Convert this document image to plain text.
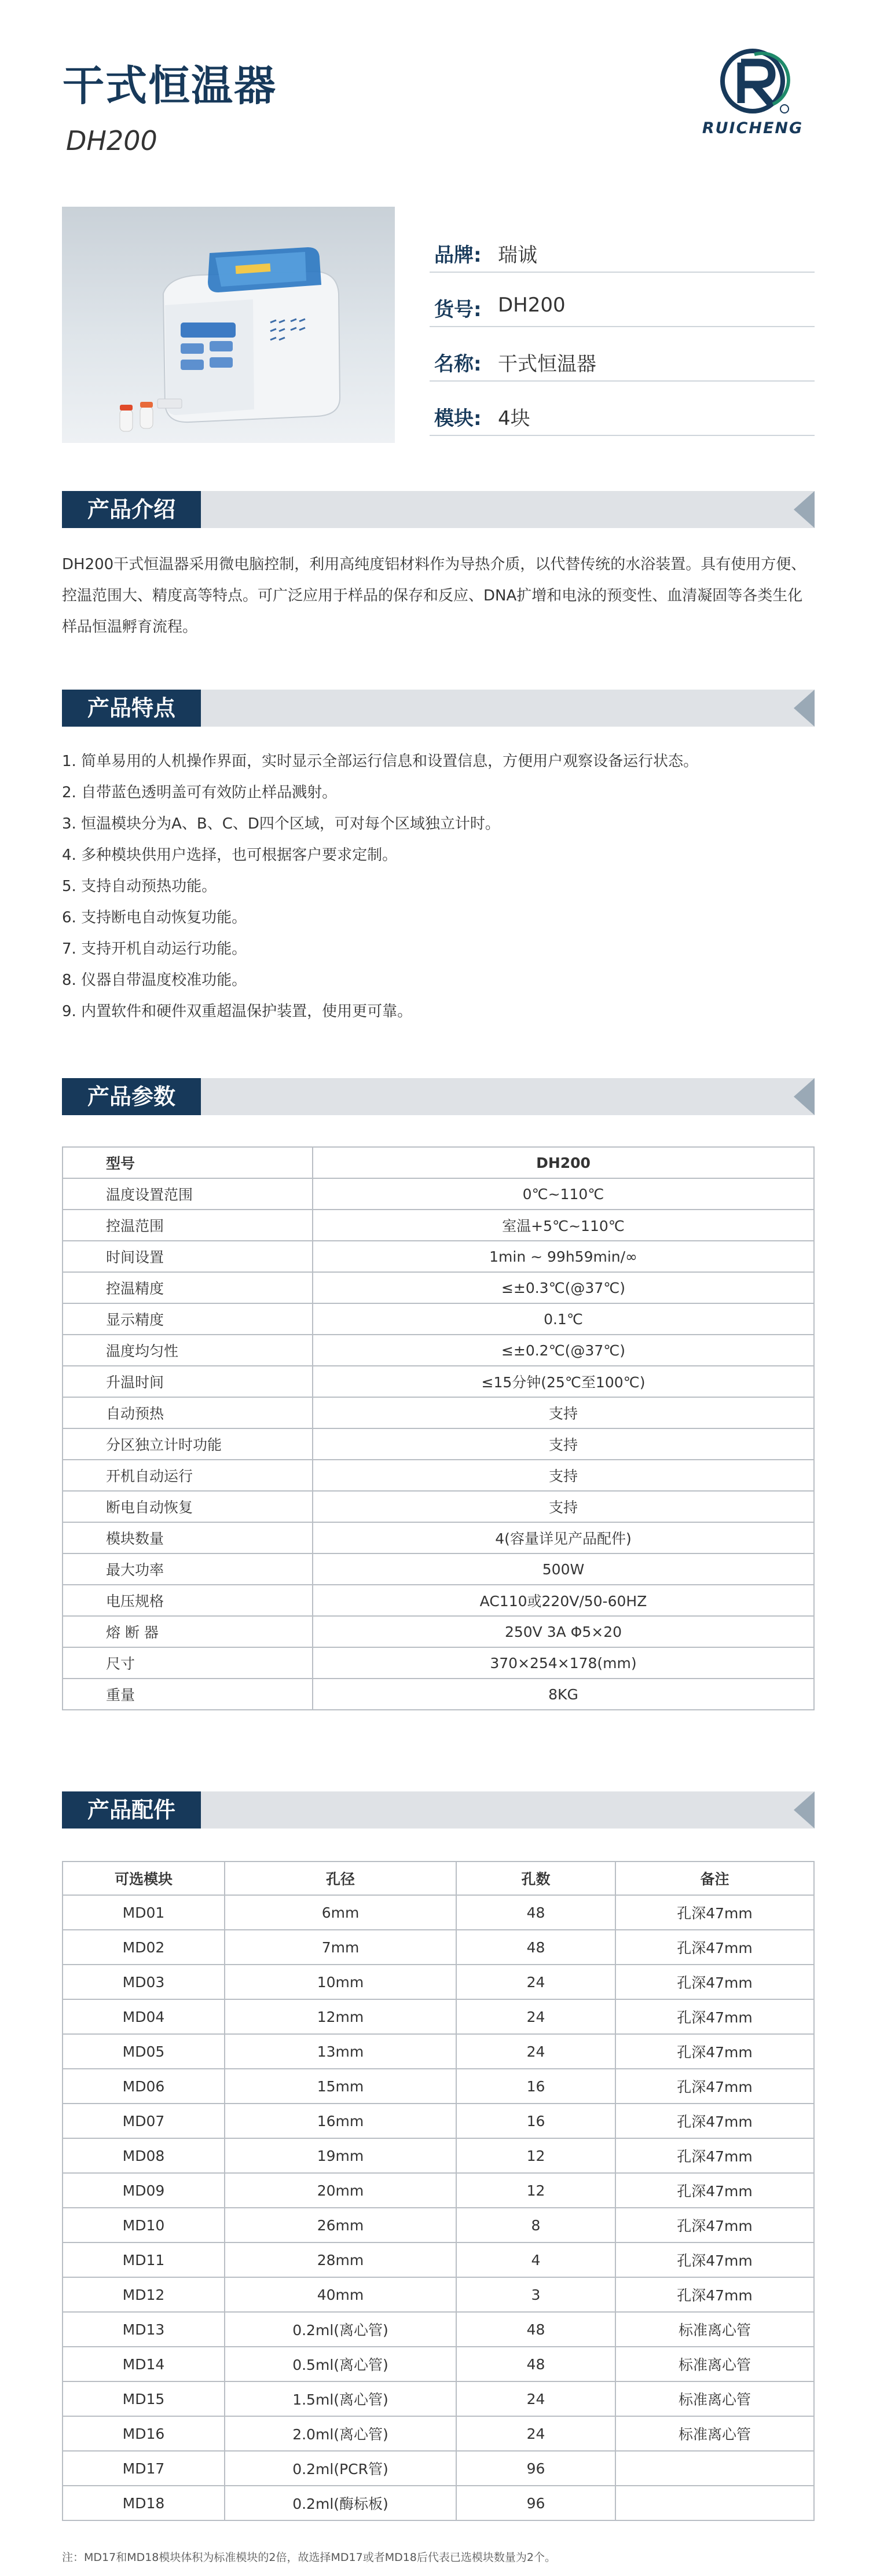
干式恒温器
DH200	RUICHENG
品牌: 瑞诚
货号: DH200
名称: 干式恒温器
模块: 4块
产品介绍
DH200干式恒温器采用微电脑控制，利用高纯度铝材料作为导热介质，以代替传统的水浴装置。具有使用方便、控温范围大、精度高等特点。可广泛应用于样品的保存和反应、DNA扩增和电泳的预变性、血清凝固等各类生化样品恒温孵育流程。
产品特点
1. 简单易用的人机操作界面，实时显示全部运行信息和设置信息，方便用户观察设备运行状态。
2. 自带蓝色透明盖可有效防止样品溅射。
3. 恒温模块分为A、B、C、D四个区域，可对每个区域独立计时。
4. 多种模块供用户选择，也可根据客户要求定制。
5. 支持自动预热功能。
6. 支持断电自动恢复功能。
7. 支持开机自动运行功能。
8. 仪器自带温度校准功能。
9. 内置软件和硬件双重超温保护装置，使用更可靠。
产品参数
型号	DH200
温度设置范围	0℃~110℃
控温范围	室温+5℃~110℃
时间设置	1min ~ 99h59min/∞
控温精度	≤±0.3℃(@37℃)
显示精度	0.1℃
温度均匀性	≤±0.2℃(@37℃)
升温时间	≤15分钟(25℃至100℃)
自动预热	支持
分区独立计时功能	支持
开机自动运行	支持
断电自动恢复	支持
模块数量	4(容量详见产品配件)
最大功率	500W
电压规格	AC110或220V/50-60HZ
熔 断 器	250V 3A Φ5×20
尺寸	370×254×178(mm)
重量	8KG
产品配件
可选模块	孔径	孔数	备注
MD01	6mm	48	孔深47mm
MD02	7mm	48	孔深47mm
MD03	10mm	24	孔深47mm
MD04	12mm	24	孔深47mm
MD05	13mm	24	孔深47mm
MD06	15mm	16	孔深47mm
MD07	16mm	16	孔深47mm
MD08	19mm	12	孔深47mm
MD09	20mm	12	孔深47mm
MD10	26mm	8	孔深47mm
MD11	28mm	4	孔深47mm
MD12	40mm	3	孔深47mm
MD13	0.2ml(离心管)	48	标准离心管
MD14	0.5ml(离心管)	48	标准离心管
MD15	1.5ml(离心管)	24	标准离心管
MD16	2.0ml(离心管)	24	标准离心管
MD17	0.2ml(PCR管)	96	
MD18	0.2ml(酶标板)	96	
注：MD17和MD18模块体积为标准模块的2倍，故选择MD17或者MD18后代表已选模块数量为2个。
